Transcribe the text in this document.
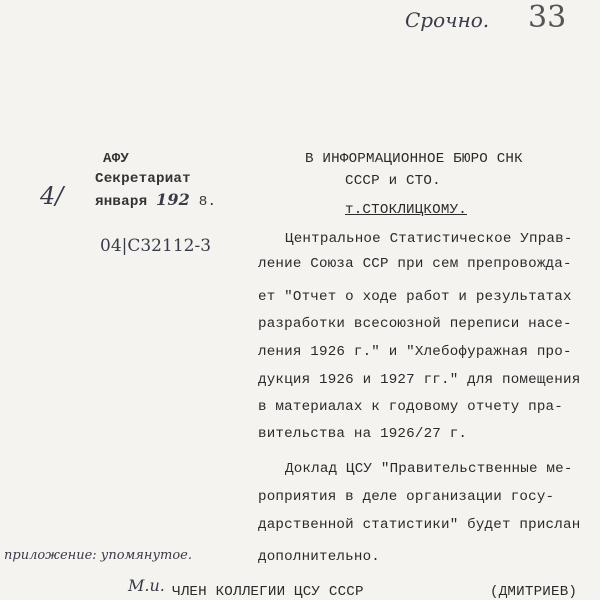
Срочно. 33
АФУ
Секретариат
января 192 8.
4/
04|С32112-3
В ИНФОРМАЦИОННОЕ БЮРО СНК
СССР и СТО.
т.СТОКЛИЦКОМУ.
Центральное Статистическое Управ-
ление Союза ССР при сем препровождa-
ет "Отчет о ходе работ и результатах
разработки всесоюзной переписи насе-
ления 1926 г." и "Хлебофуражная про-
дукция 1926 и 1927 гг." для помещения
в материалах к годовому отчету пра-
вительства на 1926/27 г.
Доклад ЦСУ "Правительственные ме-
роприятия в деле организации госу-
дарственной статистики" будет прислан
дополнительно.
приложение: упомянутое.
М.и. ЧЛЕН КОЛЛЕГИИ ЦСУ СССР	(ДМИТРИЕВ)
